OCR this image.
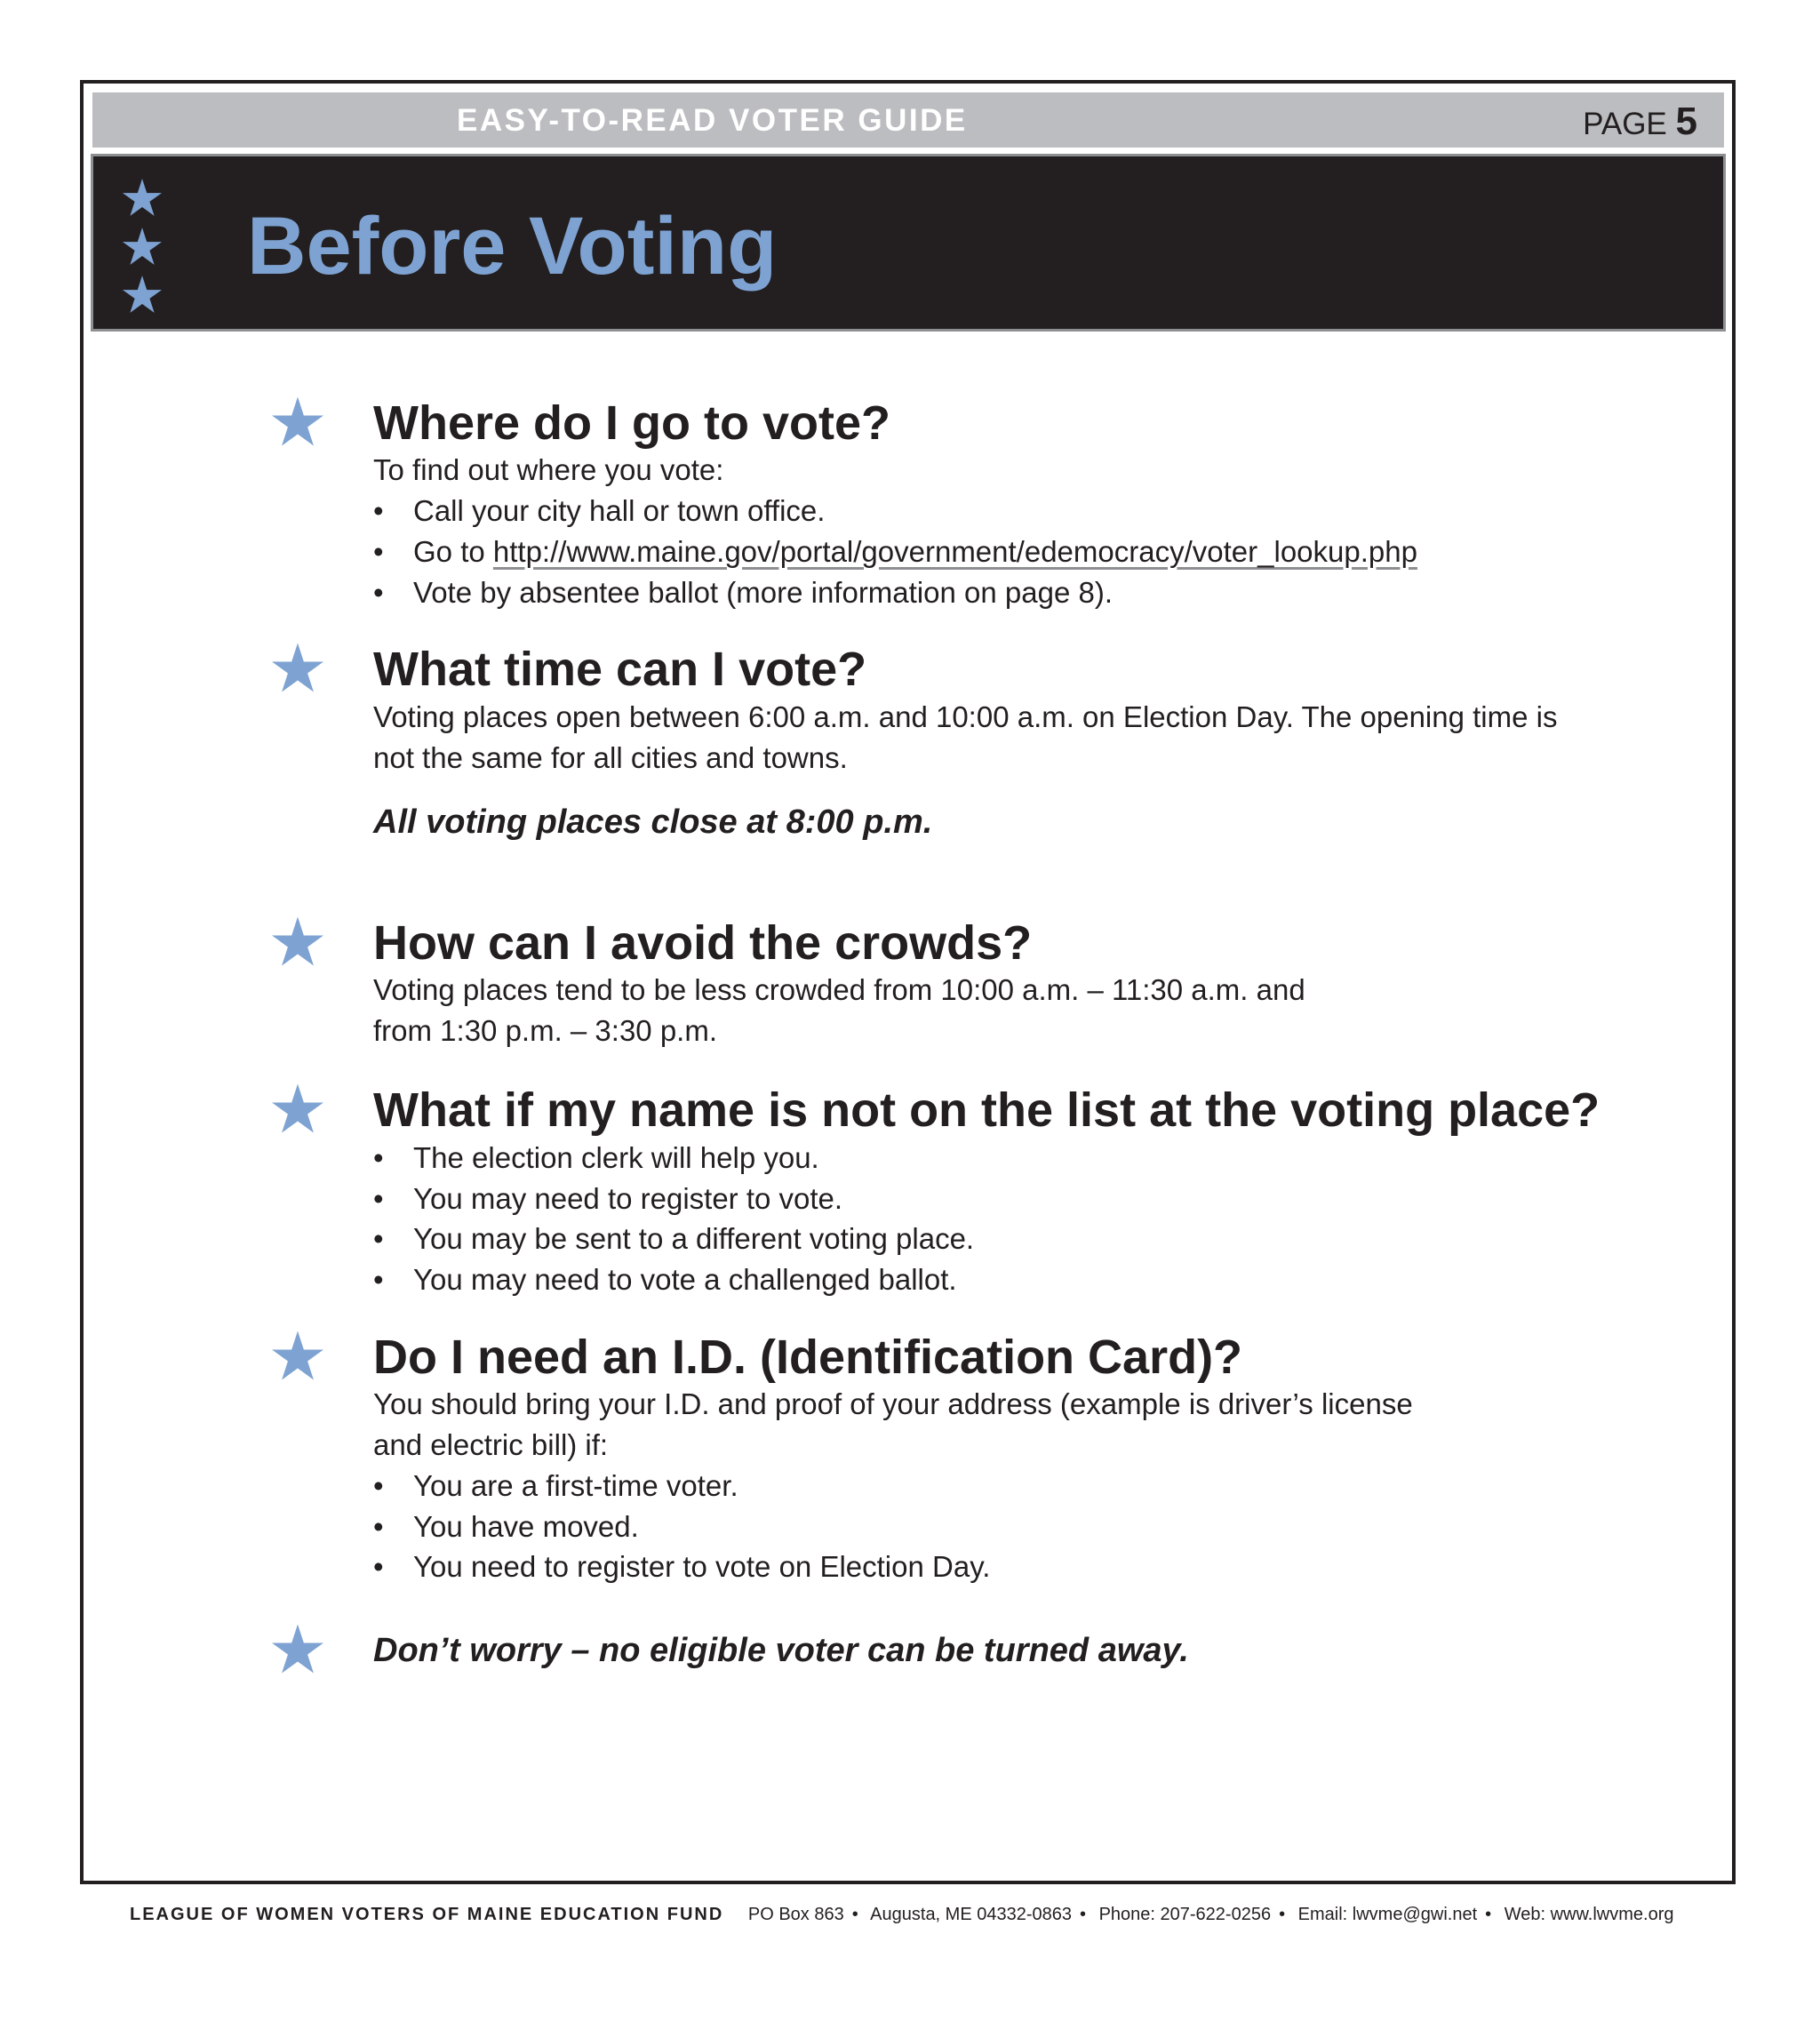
EASY-TO-READ VOTER GUIDE	PAGE 5
Before Voting
Where do I go to vote?
To find out where you vote:
• Call your city hall or town office.
• Go to http://www.maine.gov/portal/government/edemocracy/voter_lookup.php
• Vote by absentee ballot (more information on page 8).
What time can I vote?
Voting places open between 6:00 a.m. and 10:00 a.m. on Election Day. The opening time is
not the same for all cities and towns.
All voting places close at 8:00 p.m.
How can I avoid the crowds?
Voting places tend to be less crowded from 10:00 a.m. – 11:30 a.m. and
from 1:30 p.m. – 3:30 p.m.
What if my name is not on the list at the voting place?
• The election clerk will help you.
• You may need to register to vote.
• You may be sent to a different voting place.
• You may need to vote a challenged ballot.
Do I need an I.D. (Identification Card)?
You should bring your I.D. and proof of your address (example is driver’s license
and electric bill) if:
• You are a first-time voter.
• You have moved.
• You need to register to vote on Election Day.
Don’t worry – no eligible voter can be turned away.
LEAGUE OF WOMEN VOTERS OF MAINE EDUCATION FUND PO Box 863 • Augusta, ME 04332-0863 • Phone: 207-622-0256 • Email: lwvme@gwi.net • Web: www.lwvme.org
